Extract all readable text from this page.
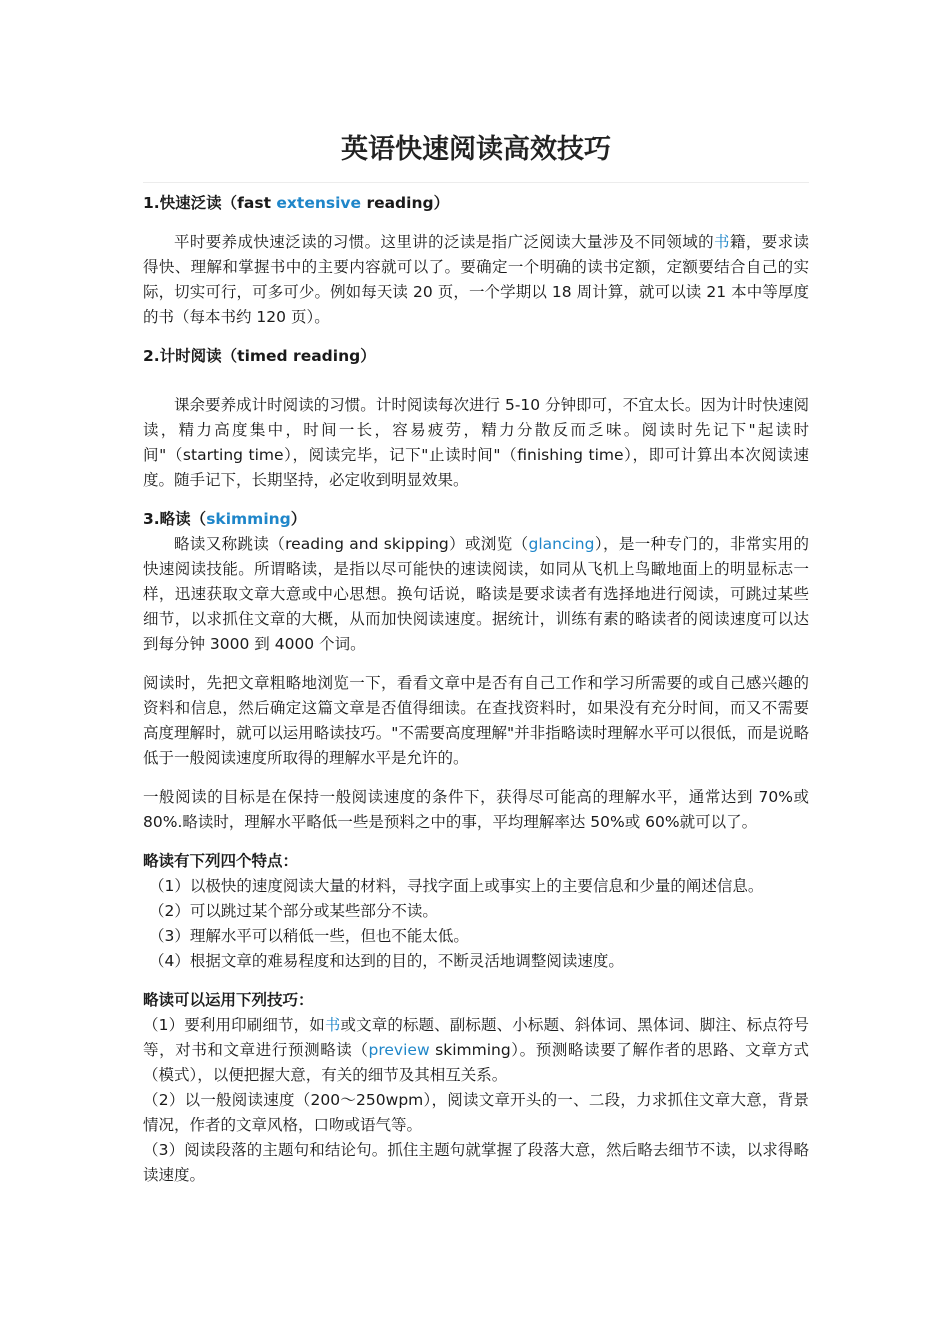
英语快速阅读高效技巧

1.快速泛读（fast extensive reading）

平时要养成快速泛读的习惯。这里讲的泛读是指广泛阅读大量涉及不同领域的书籍，要求读得快、理解和掌握书中的主要内容就可以了。要确定一个明确的读书定额，定额要结合自己的实际，切实可行，可多可少。例如每天读 20 页，一个学期以 18 周计算，就可以读 21 本中等厚度的书（每本书约 120 页）。

2.计时阅读（timed reading）

课余要养成计时阅读的习惯。计时阅读每次进行 5-10 分钟即可，不宜太长。因为计时快速阅读，精力高度集中，时间一长，容易疲劳，精力分散反而乏味。阅读时先记下"起读时间"（starting time），阅读完毕，记下"止读时间"（finishing time），即可计算出本次阅读速度。随手记下，长期坚持，必定收到明显效果。

3.略读（skimming）

略读又称跳读（reading and skipping）或浏览（glancing），是一种专门的，非常实用的快速阅读技能。所谓略读，是指以尽可能快的速读阅读，如同从飞机上鸟瞰地面上的明显标志一样，迅速获取文章大意或中心思想。换句话说，略读是要求读者有选择地进行阅读，可跳过某些细节，以求抓住文章的大概，从而加快阅读速度。据统计，训练有素的略读者的阅读速度可以达到每分钟 3000 到 4000 个词。

阅读时，先把文章粗略地浏览一下，看看文章中是否有自己工作和学习所需要的或自己感兴趣的资料和信息，然后确定这篇文章是否值得细读。在查找资料时，如果没有充分时间，而又不需要高度理解时，就可以运用略读技巧。"不需要高度理解"并非指略读时理解水平可以很低，而是说略低于一般阅读速度所取得的理解水平是允许的。

一般阅读的目标是在保持一般阅读速度的条件下，获得尽可能高的理解水平，通常达到 70%或 80%.略读时，理解水平略低一些是预料之中的事，平均理解率达 50%或 60%就可以了。

略读有下列四个特点：

（1）以极快的速度阅读大量的材料，寻找字面上或事实上的主要信息和少量的阐述信息。

（2）可以跳过某个部分或某些部分不读。

（3）理解水平可以稍低一些，但也不能太低。

（4）根据文章的难易程度和达到的目的，不断灵活地调整阅读速度。

略读可以运用下列技巧：

（1）要利用印刷细节，如书或文章的标题、副标题、小标题、斜体词、黑体词、脚注、标点符号等，对书和文章进行预测略读（preview skimming）。预测略读要了解作者的思路、文章方式（模式），以便把握大意，有关的细节及其相互关系。

（2）以一般阅读速度（200～250wpm），阅读文章开头的一、二段，力求抓住文章大意，背景情况，作者的文章风格，口吻或语气等。

（3）阅读段落的主题句和结论句。抓住主题句就掌握了段落大意，然后略去细节不读，以求得略读速度。
